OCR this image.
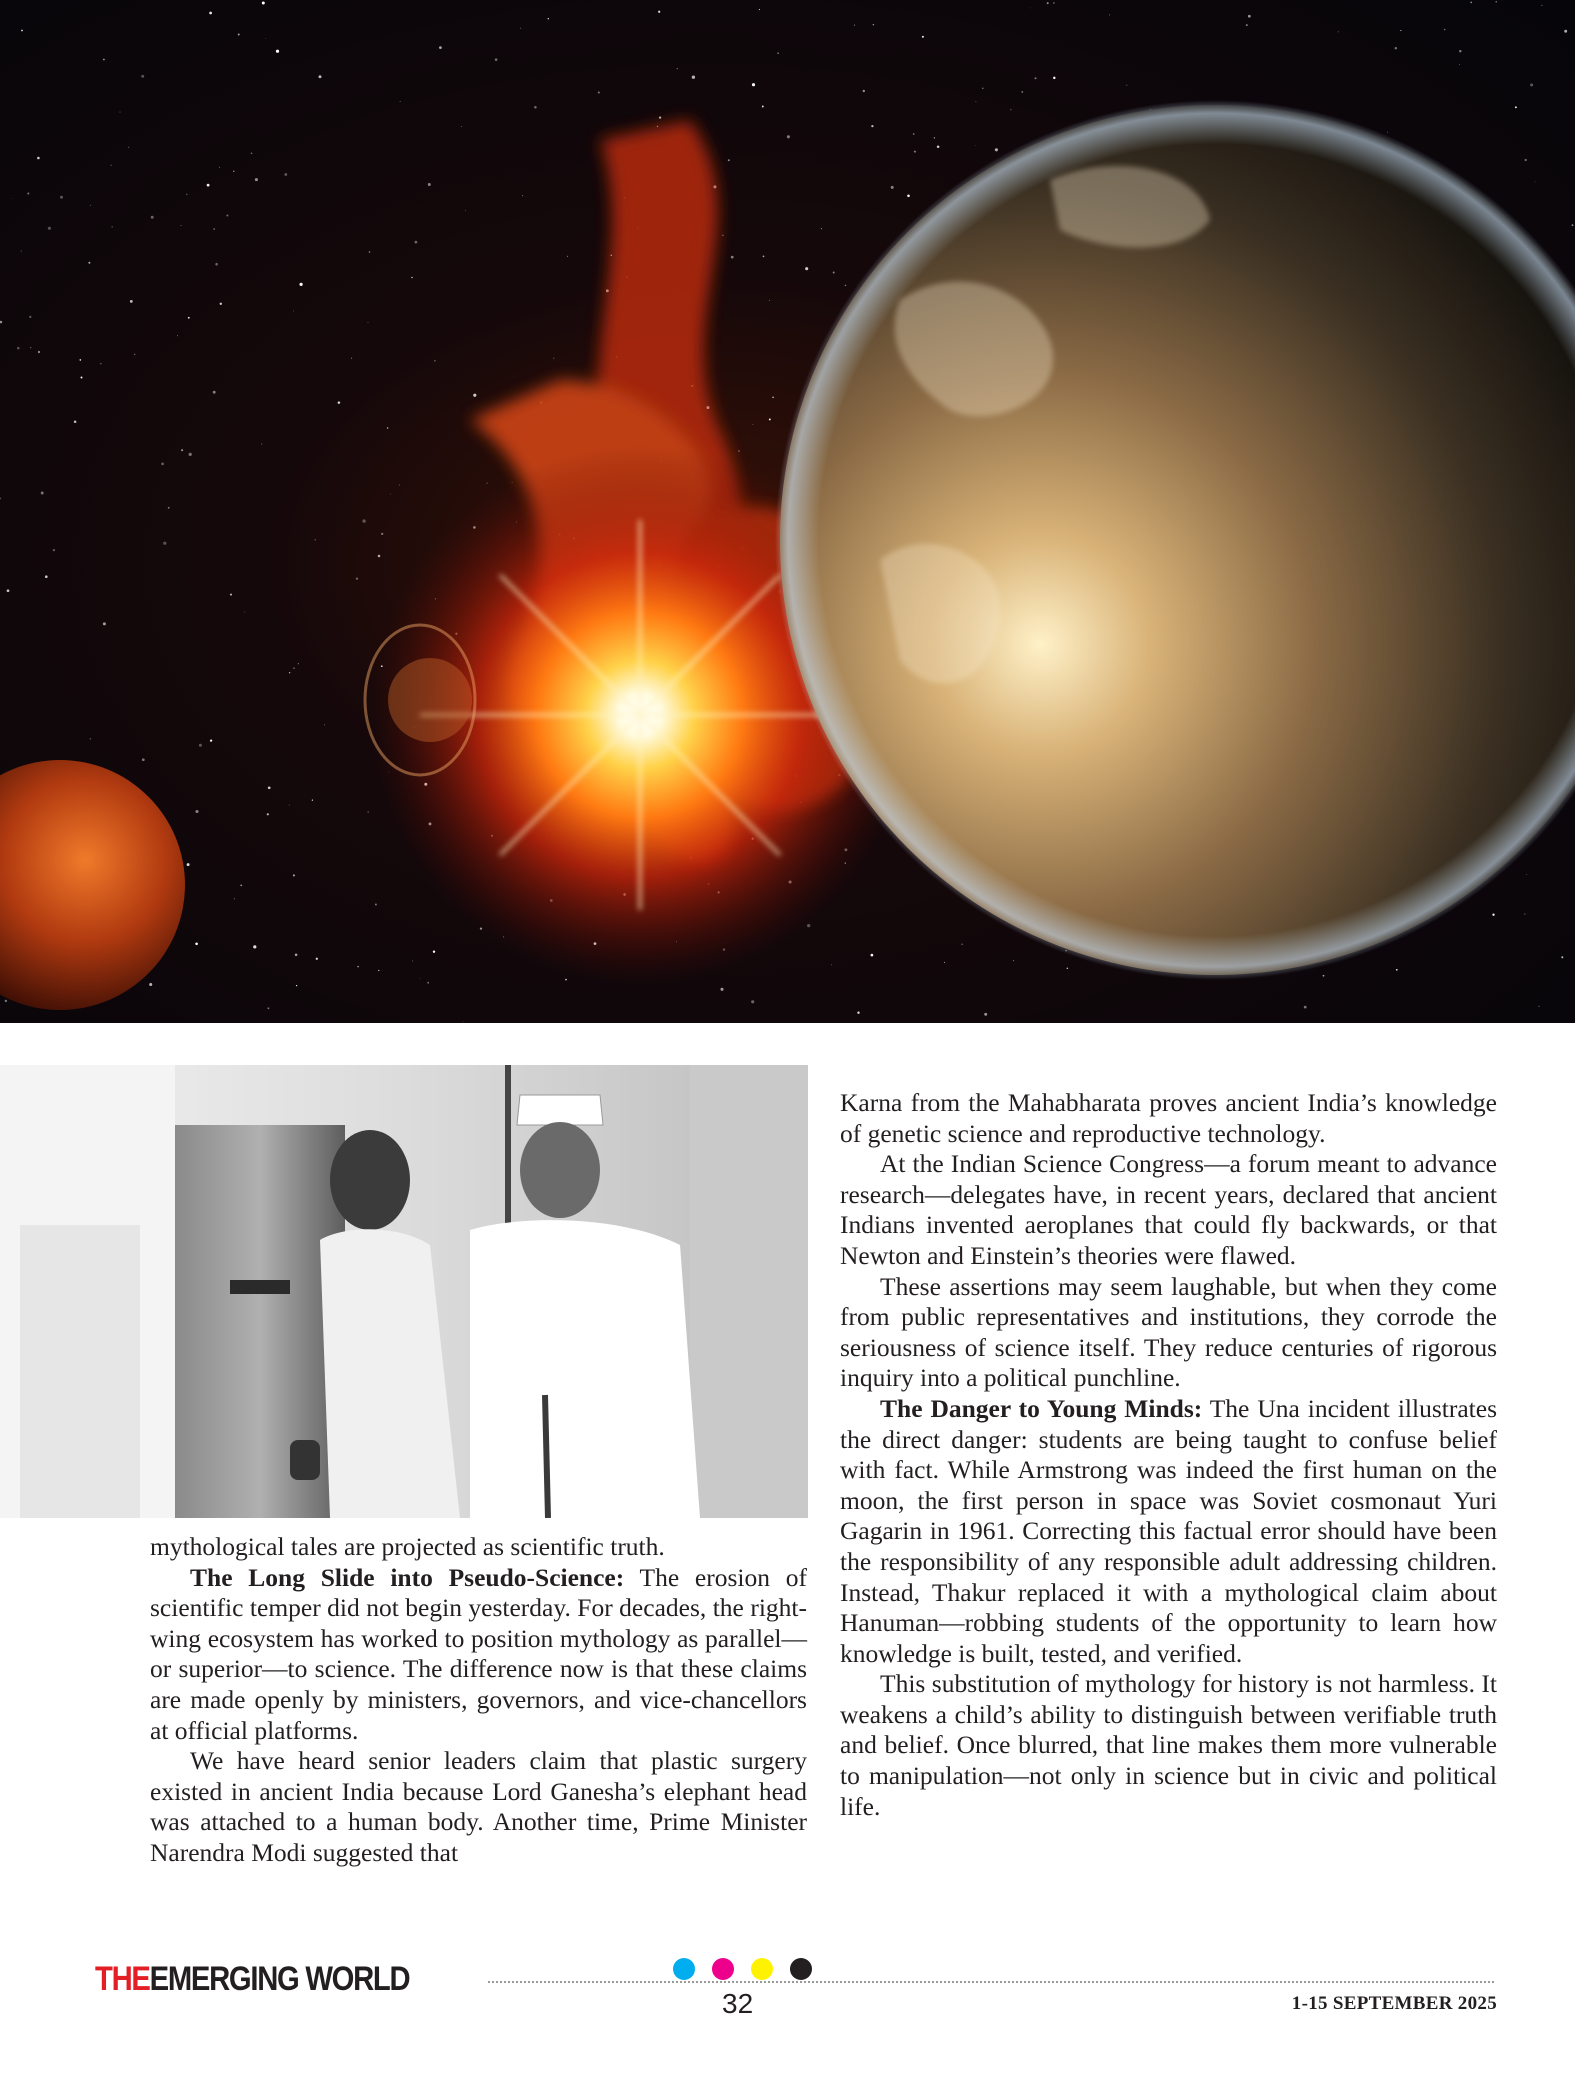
mythological tales are projected as scientific truth.

The Long Slide into Pseudo-Science: The erosion of scientific temper did not begin yesterday. For decades, the right-wing ecosystem has worked to position mythology as parallel—or superior—to science. The difference now is that these claims are made openly by ministers, governors, and vice-chancellors at official platforms.

We have heard senior leaders claim that plastic surgery existed in ancient India because Lord Ganesha’s elephant head was attached to a human body. Another time, Prime Minister Narendra Modi suggested that

Karna from the Mahabharata proves ancient India’s knowledge of genetic science and reproductive technology.

At the Indian Science Congress—a forum meant to advance research—delegates have, in recent years, declared that ancient Indians invented aeroplanes that could fly backwards, or that Newton and Einstein’s theories were flawed.

These assertions may seem laughable, but when they come from public representatives and institutions, they corrode the seriousness of science itself. They reduce centuries of rigorous inquiry into a political punchline.

The Danger to Young Minds: The Una incident illustrates the direct danger: students are being taught to confuse belief with fact. While Armstrong was indeed the first human on the moon, the first person in space was Soviet cosmonaut Yuri Gagarin in 1961. Correcting this factual error should have been the responsibility of any responsible adult addressing children. Instead, Thakur replaced it with a mythological claim about Hanuman—robbing students of the opportunity to learn how knowledge is built, tested, and verified.

This substitution of mythology for history is not harmless. It weakens a child’s ability to distinguish between verifiable truth and belief. Once blurred, that line makes them more vulnerable to manipulation—not only in science but in civic and political life.

THEEMERGING WORLD
32	1-15 SEPTEMBER 2025
